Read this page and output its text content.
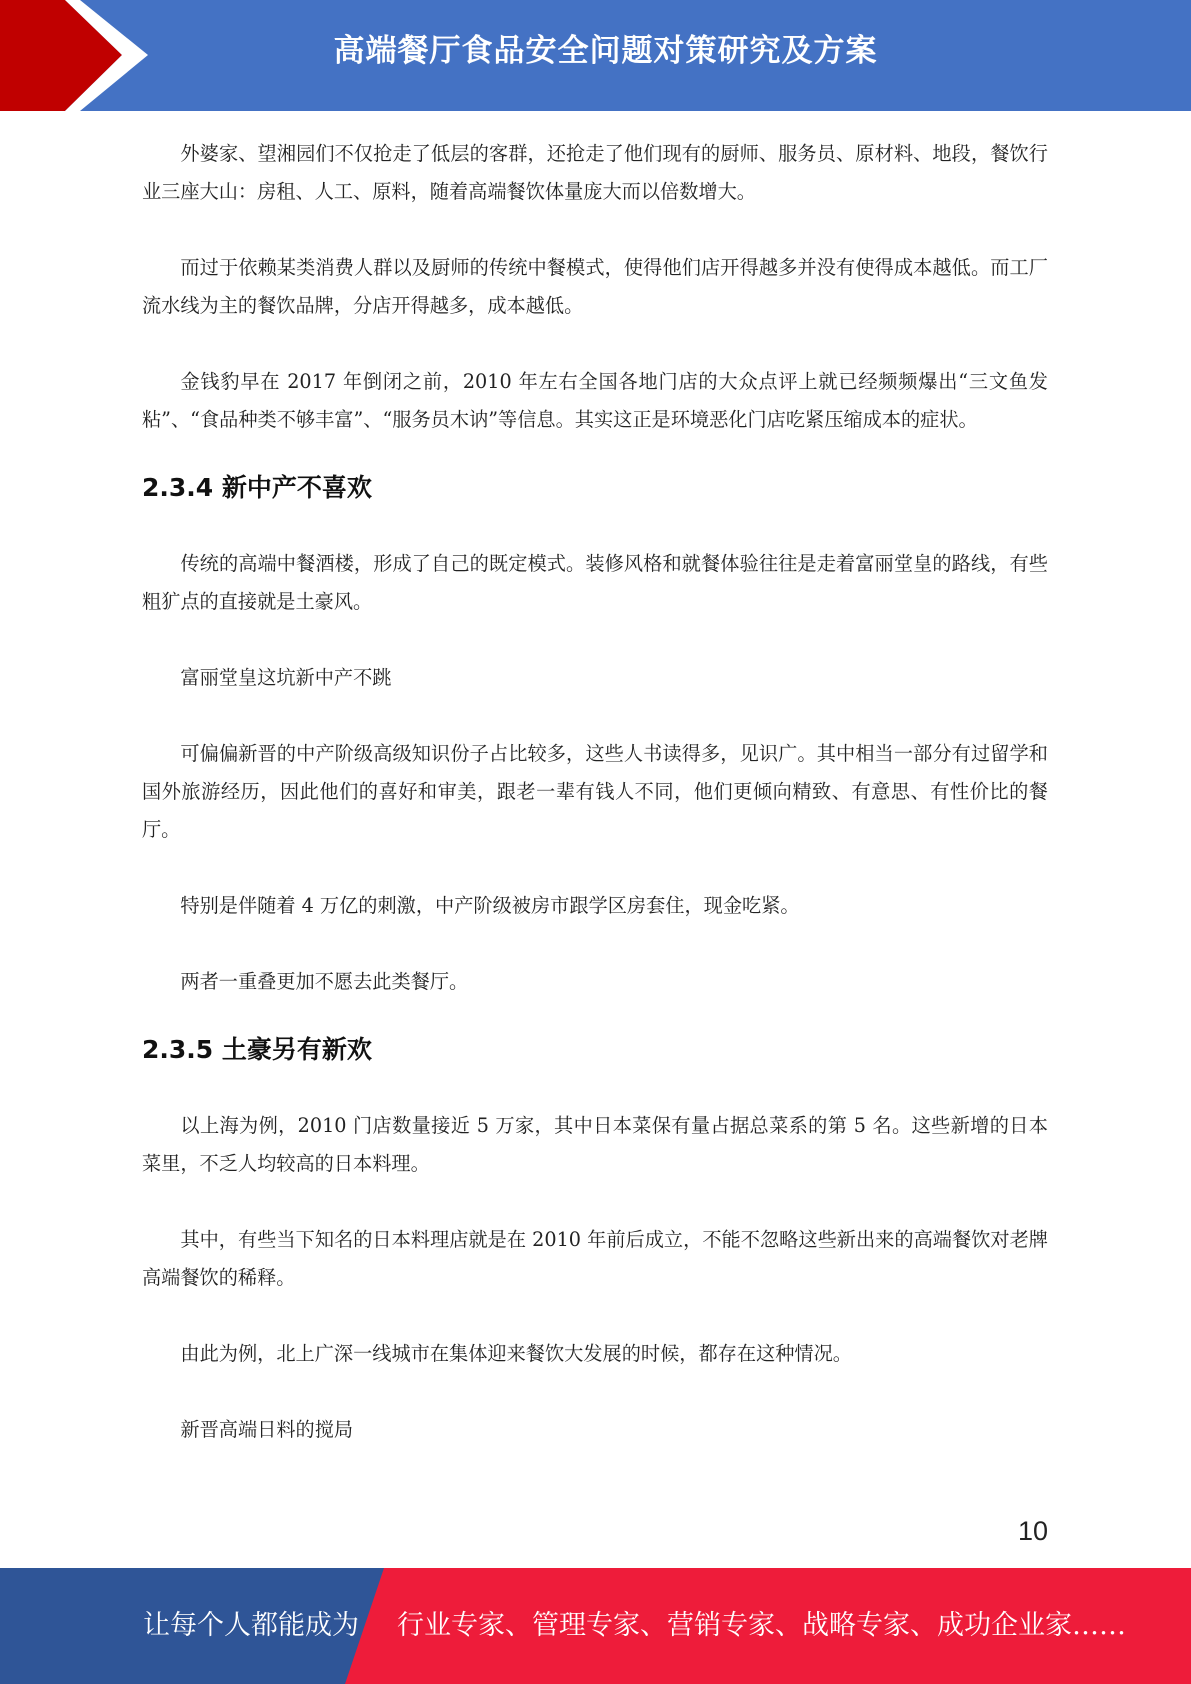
高端餐厅食品安全问题对策研究及方案

外婆家、望湘园们不仅抢走了低层的客群，还抢走了他们现有的厨师、服务员、原材料、地段，餐饮行业三座大山：房租、人工、原料，随着高端餐饮体量庞大而以倍数增大。

而过于依赖某类消费人群以及厨师的传统中餐模式，使得他们店开得越多并没有使得成本越低。而工厂流水线为主的餐饮品牌，分店开得越多，成本越低。

金钱豹早在 2017 年倒闭之前，2010 年左右全国各地门店的大众点评上就已经频频爆出“三文鱼发粘”、“食品种类不够丰富”、“服务员木讷”等信息。其实这正是环境恶化门店吃紧压缩成本的症状。

2.3.4 新中产不喜欢

传统的高端中餐酒楼，形成了自己的既定模式。装修风格和就餐体验往往是走着富丽堂皇的路线，有些粗犷点的直接就是土豪风。

富丽堂皇这坑新中产不跳

可偏偏新晋的中产阶级高级知识份子占比较多，这些人书读得多，见识广。其中相当一部分有过留学和国外旅游经历，因此他们的喜好和审美，跟老一辈有钱人不同，他们更倾向精致、有意思、有性价比的餐厅。

特别是伴随着 4 万亿的刺激，中产阶级被房市跟学区房套住，现金吃紧。

两者一重叠更加不愿去此类餐厅。

2.3.5 土豪另有新欢

以上海为例，2010 门店数量接近 5 万家，其中日本菜保有量占据总菜系的第 5 名。这些新增的日本菜里，不乏人均较高的日本料理。

其中，有些当下知名的日本料理店就是在 2010 年前后成立，不能不忽略这些新出来的高端餐饮对老牌高端餐饮的稀释。

由此为例，北上广深一线城市在集体迎来餐饮大发展的时候，都存在这种情况。

新晋高端日料的搅局

10
让每个人都能成为 行业专家、管理专家、营销专家、战略专家、成功企业家……
